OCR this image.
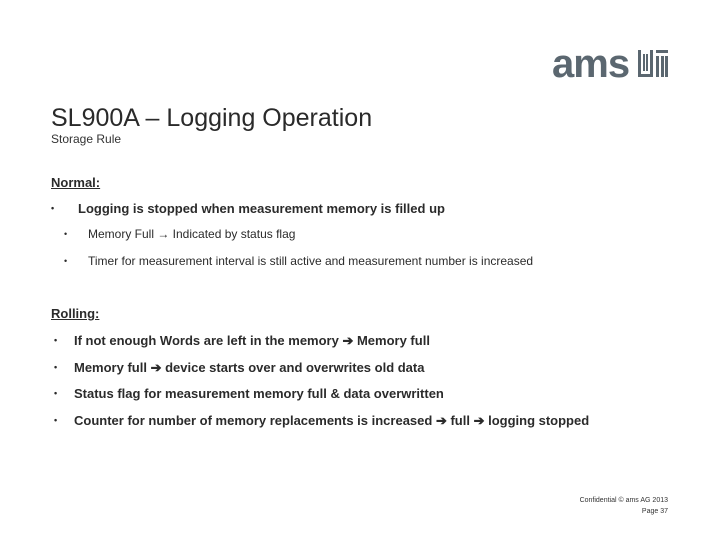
ams
SL900A – Logging Operation
Storage Rule
Normal:
• Logging is stopped when measurement memory is filled up
• Memory Full → Indicated by status flag
• Timer for measurement interval is still active and measurement number is increased
Rolling:
• If not enough Words are left in the memory ➔ Memory full
• Memory full ➔ device starts over and overwrites old data
• Status flag for measurement memory full & data overwritten
• Counter for number of memory replacements is increased ➔ full ➔ logging stopped
Confidential © ams AG 2013
Page 37
